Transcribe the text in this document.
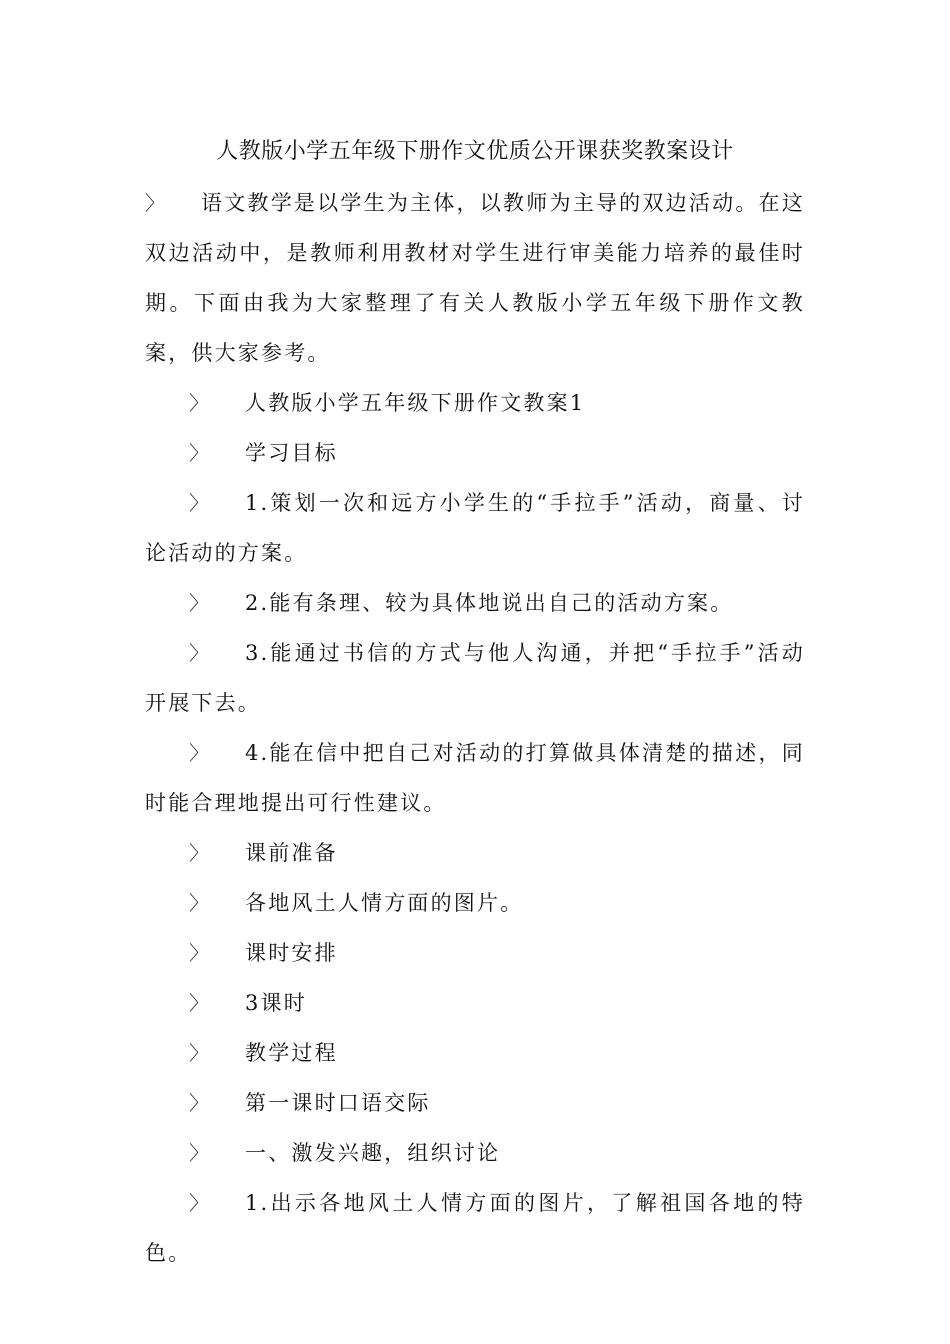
人教版小学五年级下册作文优质公开课获奖教案设计

〉 语文教学是以学生为主体，以教师为主导的双边活动。在这双边活动中，是教师利用教材对学生进行审美能力培养的最佳时期。下面由我为大家整理了有关人教版小学五年级下册作文教案，供大家参考。

〉 人教版小学五年级下册作文教案1

〉 学习目标

〉 1.策划一次和远方小学生的“手拉手”活动，商量、讨论活动的方案。

〉 2.能有条理、较为具体地说出自己的活动方案。

〉 3.能通过书信的方式与他人沟通，并把“手拉手”活动开展下去。

〉 4.能在信中把自己对活动的打算做具体清楚的描述，同时能合理地提出可行性建议。

〉 课前准备

〉 各地风土人情方面的图片。

〉 课时安排

〉 3课时

〉 教学过程

〉 第一课时口语交际

〉 一、激发兴趣，组织讨论

〉 1.出示各地风土人情方面的图片，了解祖国各地的特色。
